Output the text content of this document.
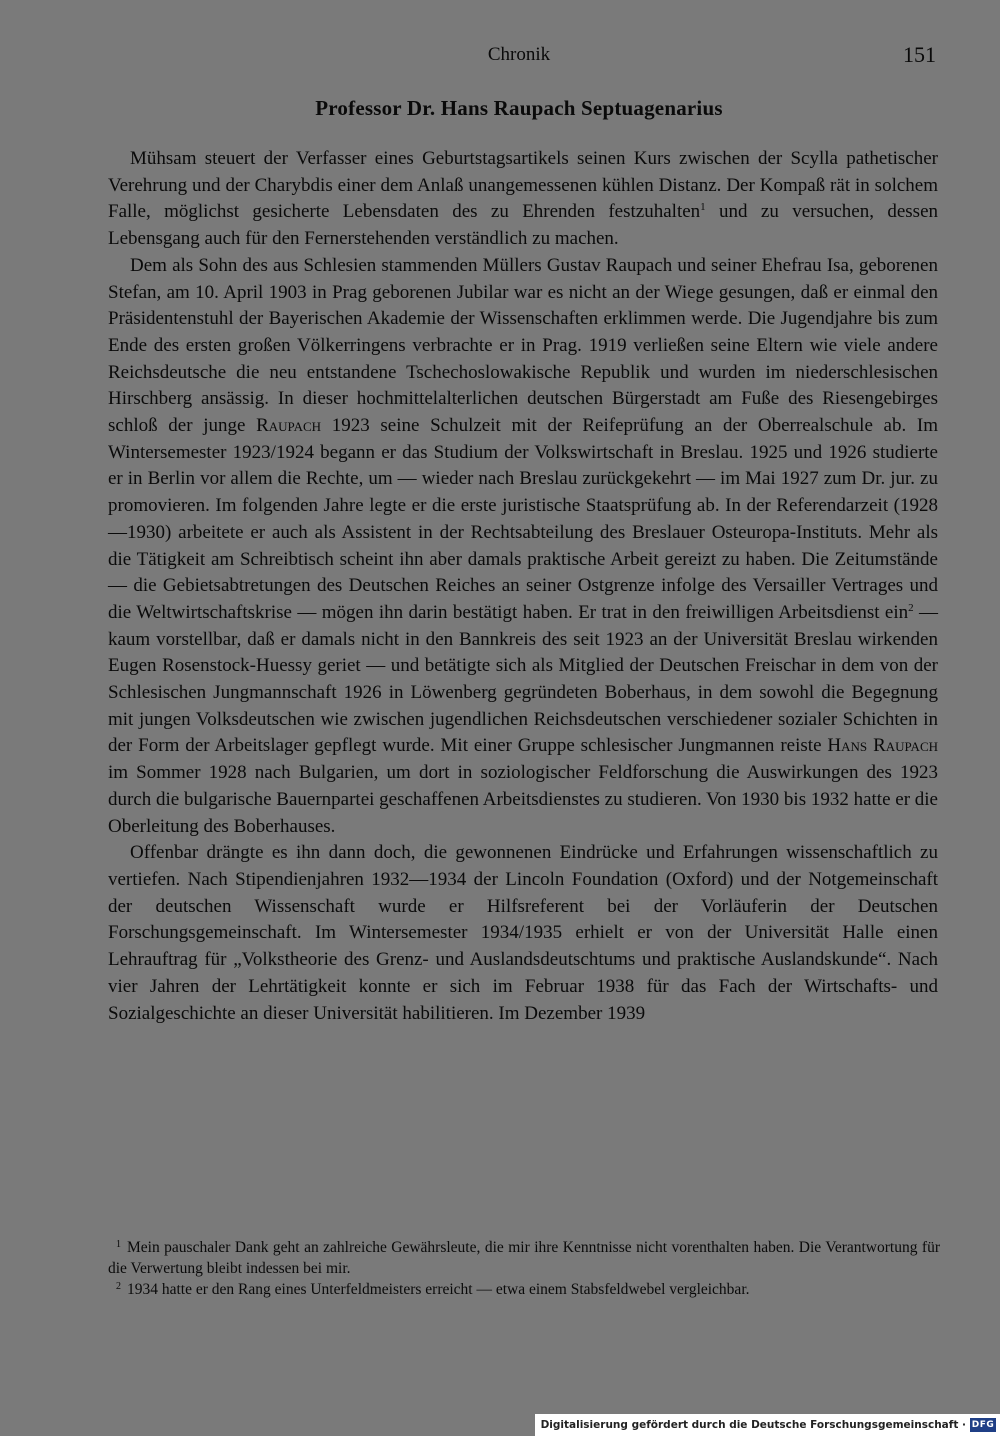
Chronik	151
Professor Dr. Hans Raupach Septuagenarius

Mühsam steuert der Verfasser eines Geburtstagsartikels seinen Kurs zwischen der Scylla pathetischer Verehrung und der Charybdis einer dem Anlaß unangemessenen kühlen Distanz. Der Kompaß rät in solchem Falle, möglichst gesicherte Lebensdaten des zu Ehrenden festzuhalten$^1$ und zu versuchen, dessen Lebensgang auch für den Fernerstehenden verständlich zu machen.

Dem als Sohn des aus Schlesien stammenden Müllers Gustav Raupach und seiner Ehefrau Isa, geborenen Stefan, am 10. April 1903 in Prag geborenen Jubilar war es nicht an der Wiege gesungen, daß er einmal den Präsidentenstuhl der Bayerischen Akademie der Wissenschaften erklimmen werde. Die Jugendjahre bis zum Ende des ersten großen Völkerringens verbrachte er in Prag. 1919 verließen seine Eltern wie viele andere Reichsdeutsche die neu entstandene Tschechoslowakische Republik und wurden im niederschlesischen Hirschberg ansässig. In dieser hochmittelalterlichen deutschen Bürgerstadt am Fuße des Riesengebirges schloß der junge Raupach 1923 seine Schulzeit mit der Reifeprüfung an der Oberrealschule ab. Im Wintersemester 1923/1924 begann er das Studium der Volkswirtschaft in Breslau. 1925 und 1926 studierte er in Berlin vor allem die Rechte, um — wieder nach Breslau zurückgekehrt — im Mai 1927 zum Dr. jur. zu promovieren. Im folgenden Jahre legte er die erste juristische Staatsprüfung ab. In der Referendarzeit (1928—1930) arbeitete er auch als Assistent in der Rechtsabteilung des Breslauer Osteuropa-Instituts. Mehr als die Tätigkeit am Schreibtisch scheint ihn aber damals praktische Arbeit gereizt zu haben. Die Zeitumstände — die Gebietsabtretungen des Deutschen Reiches an seiner Ostgrenze infolge des Versailler Vertrages und die Weltwirtschaftskrise — mögen ihn darin bestätigt haben. Er trat in den freiwilligen Arbeitsdienst ein$^2$ — kaum vorstellbar, daß er damals nicht in den Bannkreis des seit 1923 an der Universität Breslau wirkenden Eugen Rosenstock-Huessy geriet — und betätigte sich als Mitglied der Deutschen Freischar in dem von der Schlesischen Jungmannschaft 1926 in Löwenberg gegründeten Boberhaus, in dem sowohl die Begegnung mit jungen Volksdeutschen wie zwischen jugendlichen Reichsdeutschen verschiedener sozialer Schichten in der Form der Arbeitslager gepflegt wurde. Mit einer Gruppe schlesischer Jungmannen reiste Hans Raupach im Sommer 1928 nach Bulgarien, um dort in soziologischer Feldforschung die Auswirkungen des 1923 durch die bulgarische Bauernpartei geschaffenen Arbeitsdienstes zu studieren. Von 1930 bis 1932 hatte er die Oberleitung des Boberhauses.

Offenbar drängte es ihn dann doch, die gewonnenen Eindrücke und Erfahrungen wissenschaftlich zu vertiefen. Nach Stipendienjahren 1932—1934 der Lincoln Foundation (Oxford) und der Notgemeinschaft der deutschen Wissenschaft wurde er Hilfsreferent bei der Vorläuferin der Deutschen Forschungsgemeinschaft. Im Wintersemester 1934/1935 erhielt er von der Universität Halle einen Lehrauftrag für „Volkstheorie des Grenz- und Auslandsdeutschtums und praktische Auslandskunde“. Nach vier Jahren der Lehrtätigkeit konnte er sich im Februar 1938 für das Fach der Wirtschafts- und Sozialgeschichte an dieser Universität habilitieren. Im Dezember 1939

$^1$ Mein pauschaler Dank geht an zahlreiche Gewährsleute, die mir ihre Kenntnisse nicht vorenthalten haben. Die Verantwortung für die Verwertung bleibt indessen bei mir.

$^2$ 1934 hatte er den Rang eines Unterfeldmeisters erreicht — etwa einem Stabsfeldwebel vergleichbar.

Digitalisierung gefördert durch die Deutsche Forschungsgemeinschaft · DFG
